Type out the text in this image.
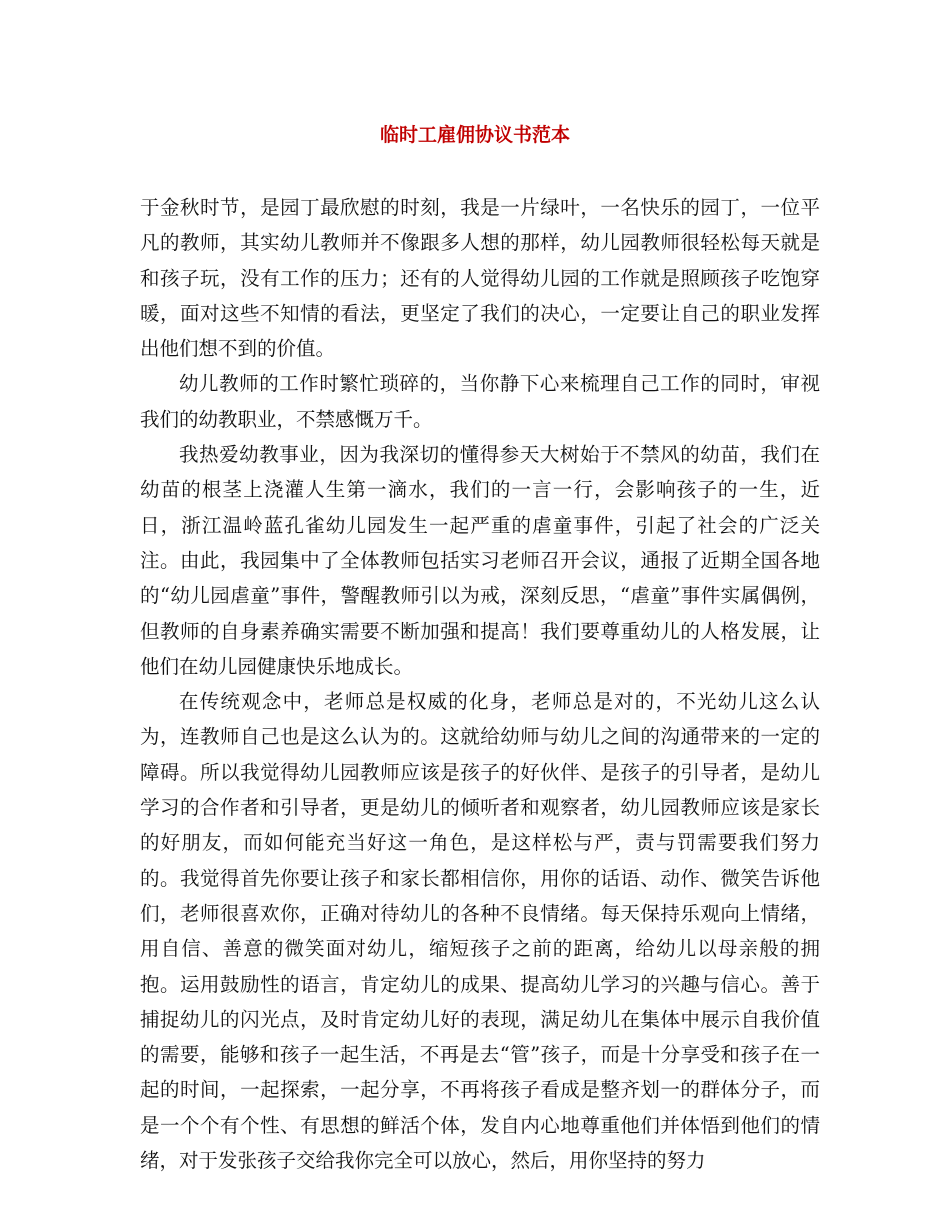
临时工雇佣协议书范本

于金秋时节，是园丁最欣慰的时刻，我是一片绿叶，一名快乐的园丁，一位平凡的教师，其实幼儿教师并不像跟多人想的那样，幼儿园教师很轻松每天就是和孩子玩，没有工作的压力；还有的人觉得幼儿园的工作就是照顾孩子吃饱穿暖，面对这些不知情的看法，更坚定了我们的决心，一定要让自己的职业发挥出他们想不到的价值。

幼儿教师的工作时繁忙琐碎的，当你静下心来梳理自己工作的同时，审视我们的幼教职业，不禁感慨万千。

我热爱幼教事业，因为我深切的懂得参天大树始于不禁风的幼苗，我们在幼苗的根茎上浇灌人生第一滴水，我们的一言一行，会影响孩子的一生，近日，浙江温岭蓝孔雀幼儿园发生一起严重的虐童事件，引起了社会的广泛关注。由此，我园集中了全体教师包括实习老师召开会议，通报了近期全国各地的“幼儿园虐童”事件，警醒教师引以为戒，深刻反思，“虐童”事件实属偶例，但教师的自身素养确实需要不断加强和提高！我们要尊重幼儿的人格发展，让他们在幼儿园健康快乐地成长。

在传统观念中，老师总是权威的化身，老师总是对的，不光幼儿这么认为，连教师自己也是这么认为的。这就给幼师与幼儿之间的沟通带来的一定的障碍。所以我觉得幼儿园教师应该是孩子的好伙伴、是孩子的引导者，是幼儿学习的合作者和引导者，更是幼儿的倾听者和观察者，幼儿园教师应该是家长的好朋友，而如何能充当好这一角色，是这样松与严，责与罚需要我们努力的。我觉得首先你要让孩子和家长都相信你，用你的话语、动作、微笑告诉他们，老师很喜欢你，正确对待幼儿的各种不良情绪。每天保持乐观向上情绪，用自信、善意的微笑面对幼儿，缩短孩子之前的距离，给幼儿以母亲般的拥抱。运用鼓励性的语言，肯定幼儿的成果、提高幼儿学习的兴趣与信心。善于捕捉幼儿的闪光点，及时肯定幼儿好的表现，满足幼儿在集体中展示自我价值的需要，能够和孩子一起生活，不再是去“管”孩子，而是十分享受和孩子在一起的时间，一起探索，一起分享，不再将孩子看成是整齐划一的群体分子，而是一个个有个性、有思想的鲜活个体，发自内心地尊重他们并体悟到他们的情绪，对于发张孩子交给我你完全可以放心，然后，用你坚持的努力
